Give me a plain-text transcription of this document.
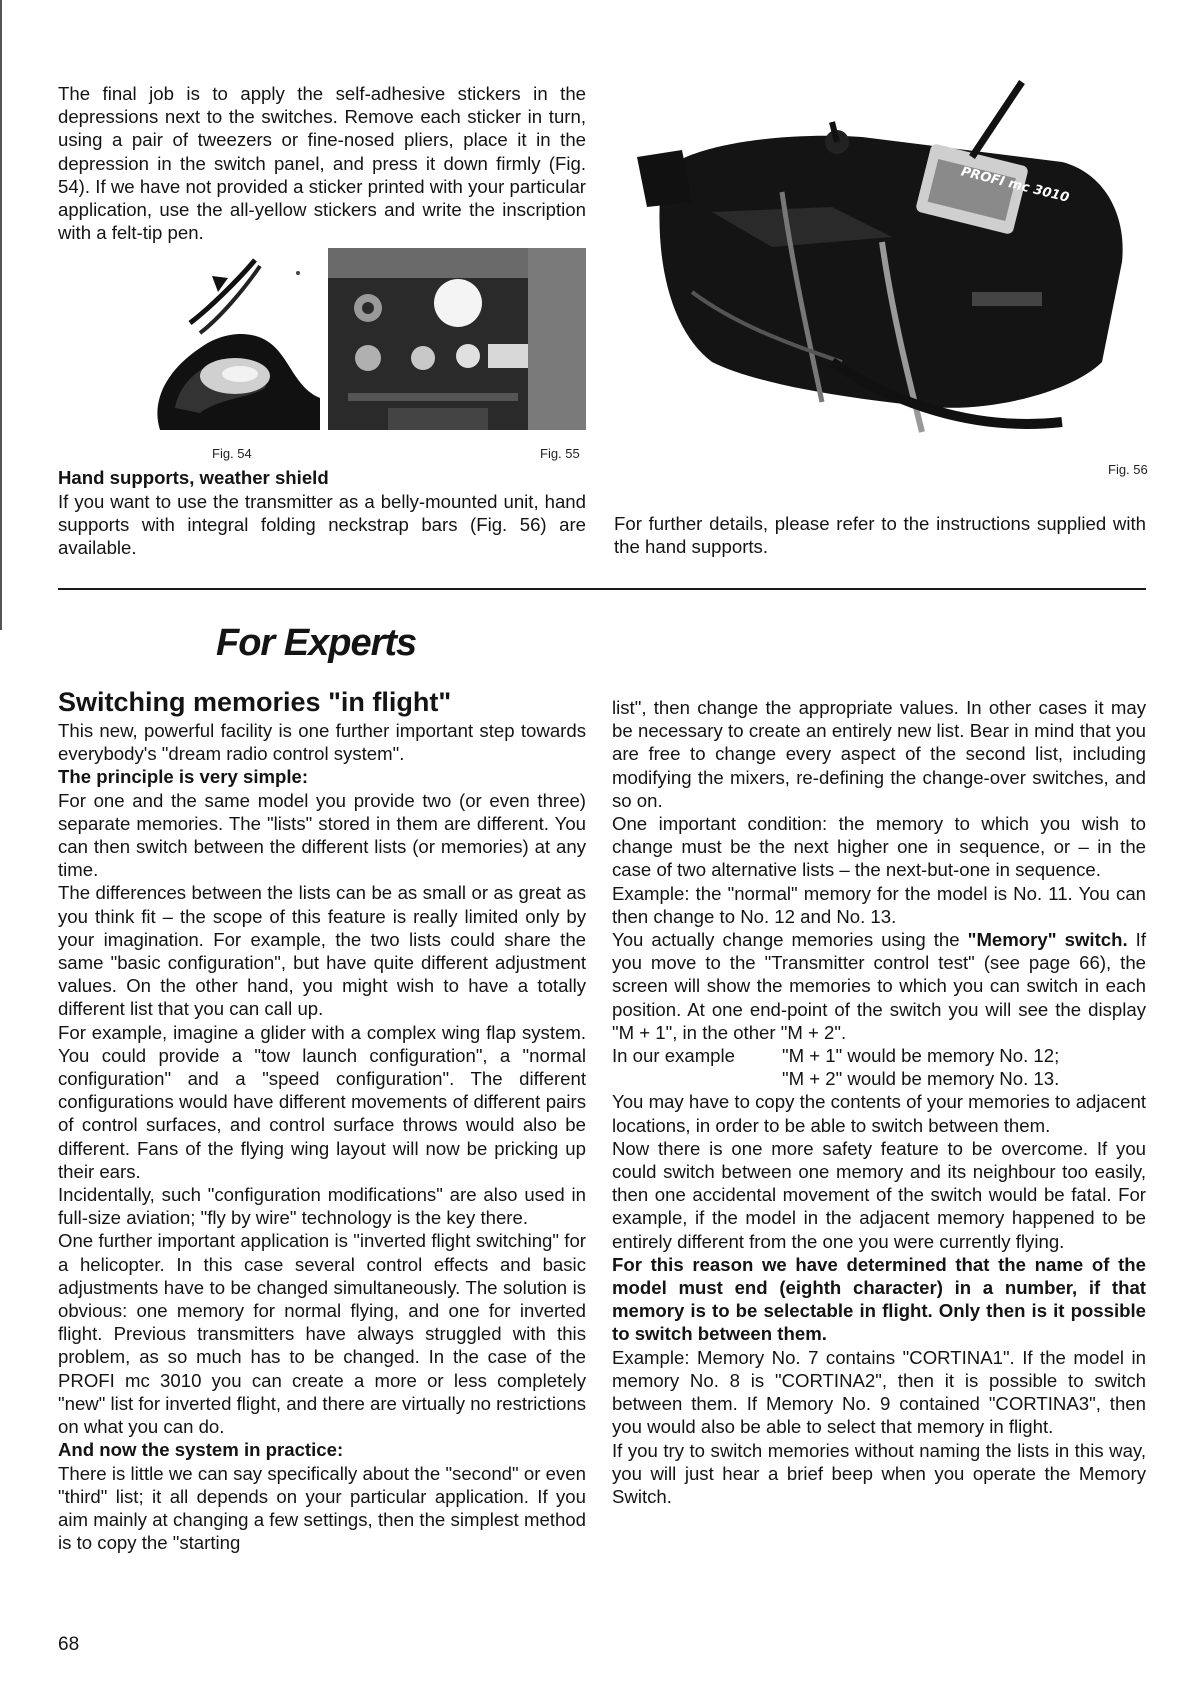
The final job is to apply the self-adhesive stickers in the depressions next to the switches. Remove each sticker in turn, using a pair of tweezers or fine-nosed pliers, place it in the depression in the switch panel, and press it down firmly (Fig. 54). If we have not provided a sticker printed with your particular application, use the all-yellow stickers and write the inscription with a felt-tip pen.

Fig. 54	Fig. 55
Hand supports, weather shield

If you want to use the transmitter as a belly-mounted unit, hand supports with integral folding neckstrap bars (Fig. 56) are available.

PROFI mc 3010
Fig. 56

For further details, please refer to the instructions supplied with the hand supports.

For Experts
Switching memories "in flight"

This new, powerful facility is one further important step towards everybody's "dream radio control system".

The principle is very simple:

For one and the same model you provide two (or even three) separate memories. The "lists" stored in them are different. You can then switch between the different lists (or memories) at any time.

The differences between the lists can be as small or as great as you think fit – the scope of this feature is really limited only by your imagination. For example, the two lists could share the same "basic configuration", but have quite different adjustment values. On the other hand, you might wish to have a totally different list that you can call up.

For example, imagine a glider with a complex wing flap system. You could provide a "tow launch configuration", a "normal configuration" and a "speed configuration". The different configurations would have different movements of different pairs of control surfaces, and control surface throws would also be different. Fans of the flying wing layout will now be pricking up their ears.

Incidentally, such "configuration modifications" are also used in full-size aviation; "fly by wire" technology is the key there.

One further important application is "inverted flight switching" for a helicopter. In this case several control effects and basic adjustments have to be changed simultaneously. The solution is obvious: one memory for normal flying, and one for inverted flight. Previous transmitters have always struggled with this problem, as so much has to be changed. In the case of the PROFI mc 3010 you can create a more or less completely "new" list for inverted flight, and there are virtually no restrictions on what you can do.

And now the system in practice:

There is little we can say specifically about the "second" or even "third" list; it all depends on your particular application. If you aim mainly at changing a few settings, then the simplest method is to copy the "starting

list", then change the appropriate values. In other cases it may be necessary to create an entirely new list. Bear in mind that you are free to change every aspect of the second list, including modifying the mixers, re-defining the change-over switches, and so on.

One important condition: the memory to which you wish to change must be the next higher one in sequence, or – in the case of two alternative lists – the next-but-one in sequence.

Example: the "normal" memory for the model is No. 11. You can then change to No. 12 and No. 13.

You actually change memories using the "Memory" switch. If you move to the "Transmitter control test" (see page 66), the screen will show the memories to which you can switch in each position. At one end-point of the switch you will see the display "M + 1", in the other "M + 2".

In our example	"M + 1" would be memory No. 12;
"M + 2" would be memory No. 13.

You may have to copy the contents of your memories to adjacent locations, in order to be able to switch between them.

Now there is one more safety feature to be overcome. If you could switch between one memory and its neighbour too easily, then one accidental movement of the switch would be fatal. For example, if the model in the adjacent memory happened to be entirely different from the one you were currently flying.

For this reason we have determined that the name of the model must end (eighth character) in a number, if that memory is to be selectable in flight. Only then is it possible to switch between them.

Example: Memory No. 7 contains "CORTINA1". If the model in memory No. 8 is "CORTINA2", then it is possible to switch between them. If Memory No. 9 contained "CORTINA3", then you would also be able to select that memory in flight.

If you try to switch memories without naming the lists in this way, you will just hear a brief beep when you operate the Memory Switch.

68
